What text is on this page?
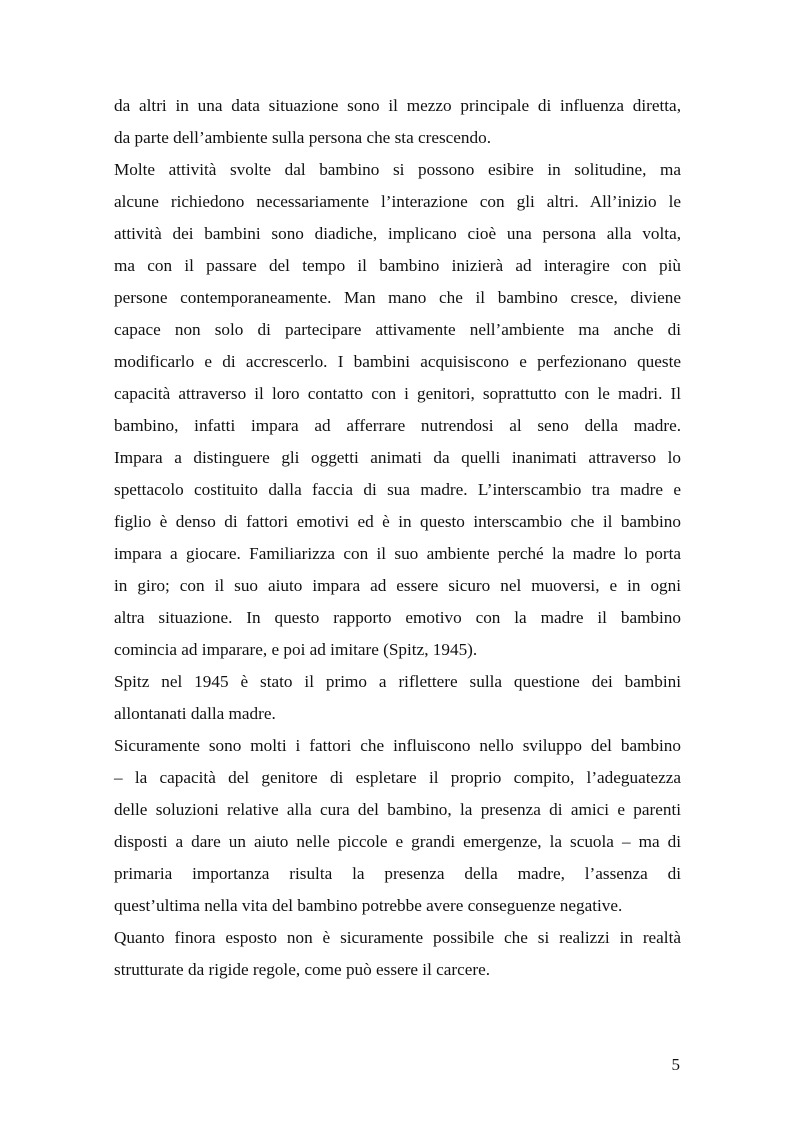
da altri in una data situazione sono il mezzo principale di influenza diretta,
da parte dell’ambiente sulla persona che sta crescendo.

Molte attività svolte dal bambino si possono esibire in solitudine, ma
alcune richiedono necessariamente l’interazione con gli altri. All’inizio le
attività dei bambini sono diadiche, implicano cioè una persona alla volta,
ma con il passare del tempo il bambino inizierà ad interagire con più
persone contemporaneamente. Man mano che il bambino cresce, diviene
capace non solo di partecipare attivamente nell’ambiente ma anche di
modificarlo e di accrescerlo. I bambini acquisiscono e perfezionano queste
capacità attraverso il loro contatto con i genitori, soprattutto con le madri. Il
bambino, infatti impara ad afferrare nutrendosi al seno della madre.
Impara a distinguere gli oggetti animati da quelli inanimati attraverso lo
spettacolo costituito dalla faccia di sua madre. L’interscambio tra madre e
figlio è denso di fattori emotivi ed è in questo interscambio che il bambino
impara a giocare. Familiarizza con il suo ambiente perché la madre lo porta
in giro; con il suo aiuto impara ad essere sicuro nel muoversi, e in ogni
altra situazione. In questo rapporto emotivo con la madre il bambino
comincia ad imparare, e poi ad imitare (Spitz, 1945).

Spitz nel 1945 è stato il primo a riflettere sulla questione dei bambini
allontanati dalla madre.

Sicuramente sono molti i fattori che influiscono nello sviluppo del bambino
– la capacità del genitore di espletare il proprio compito, l’adeguatezza
delle soluzioni relative alla cura del bambino, la presenza di amici e parenti
disposti a dare un aiuto nelle piccole e grandi emergenze, la scuola – ma di
primaria importanza risulta la presenza della madre, l’assenza di
quest’ultima nella vita del bambino potrebbe avere conseguenze negative.

Quanto finora esposto non è sicuramente possibile che si realizzi in realtà
strutturate da rigide regole, come può essere il carcere.

5
